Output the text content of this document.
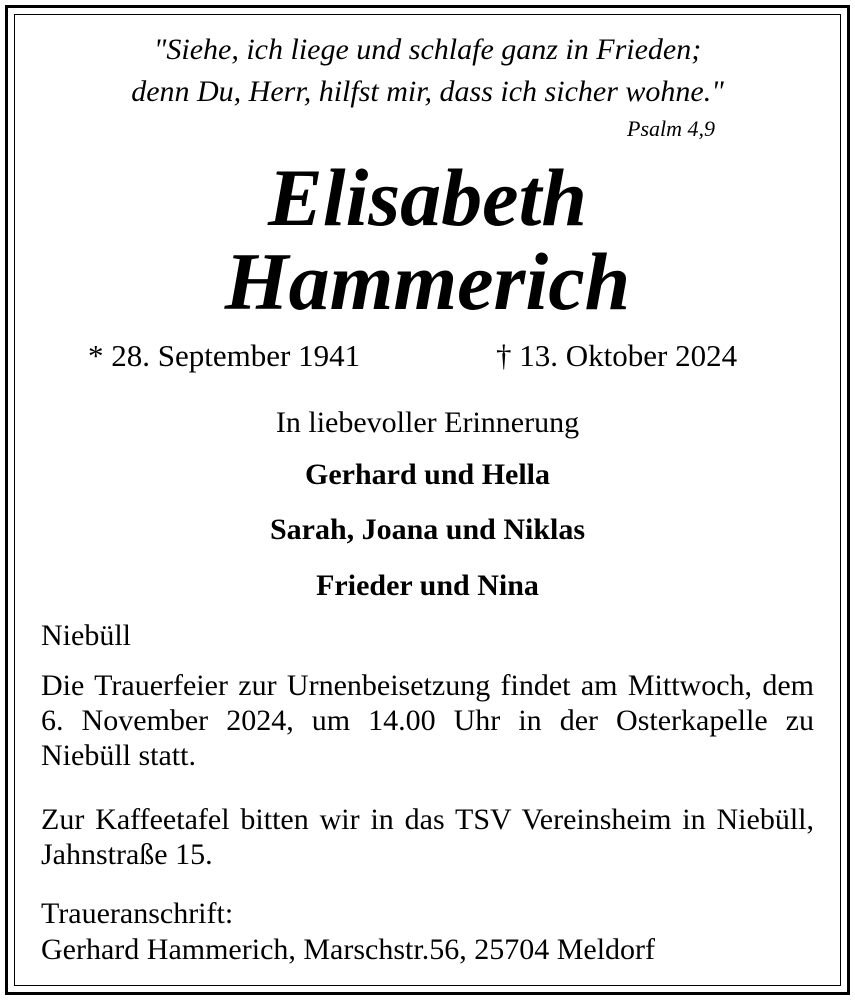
"Siehe, ich liege und schlafe ganz in Frieden;
denn Du, Herr, hilfst mir, dass ich sicher wohne."
Psalm 4,9
Elisabeth
Hammerich
* 28. September 1941	† 13. Oktober 2024
In liebevoller Erinnerung
Gerhard und Hella
Sarah, Joana und Niklas
Frieder und Nina
Niebüll
Die Trauerfeier zur Urnenbeisetzung findet am Mittwoch, dem 6. November 2024, um 14.00 Uhr in der Osterkapelle zu Niebüll statt.
Zur Kaffeetafel bitten wir in das TSV Vereinsheim in Niebüll, Jahnstraße 15.
Traueranschrift:
Gerhard Hammerich, Marschstr.56, 25704 Meldorf
